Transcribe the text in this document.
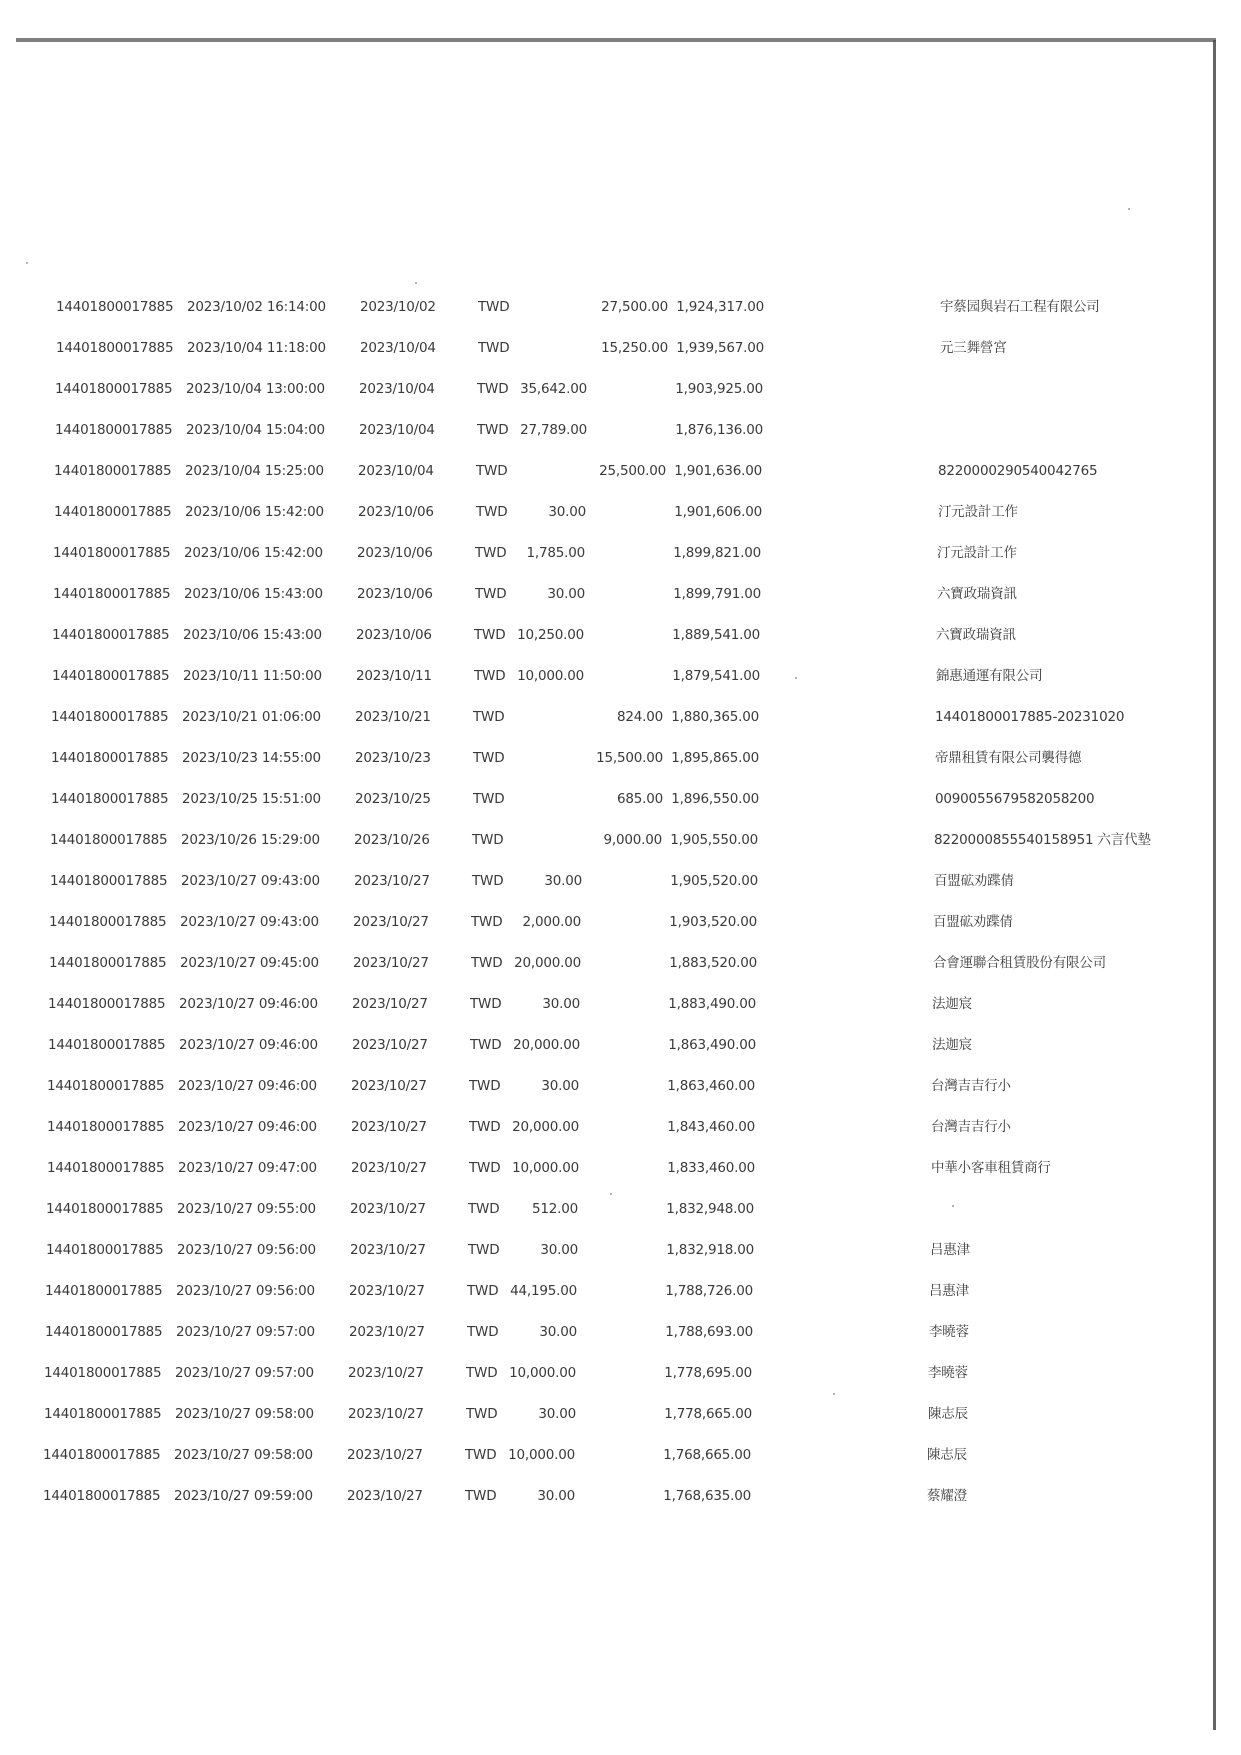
14401800017885 2023/10/02 16:14:00	2023/10/02	TWD	27,500.00 1,924,317.00	宇蔡园與岩石工程有限公司
14401800017885 2023/10/04 11:18:00	2023/10/04	TWD	15,250.00 1,939,567.00	元三舞營宮
14401800017885 2023/10/04 13:00:00	2023/10/04	TWD 35,642.00	1,903,925.00
14401800017885 2023/10/04 15:04:00	2023/10/04	TWD 27,789.00	1,876,136.00
14401800017885 2023/10/04 15:25:00	2023/10/04	TWD	25,500.00 1,901,636.00	8220000290540042765
14401800017885 2023/10/06 15:42:00	2023/10/06	TWD	30.00	1,901,606.00	汀元設計工作
14401800017885 2023/10/06 15:42:00	2023/10/06	TWD	1,785.00	1,899,821.00	汀元設計工作
14401800017885 2023/10/06 15:43:00	2023/10/06	TWD	30.00	1,899,791.00	六寶政瑞資訊
14401800017885 2023/10/06 15:43:00	2023/10/06	TWD 10,250.00	1,889,541.00	六寶政瑞資訊
14401800017885 2023/10/11 11:50:00	2023/10/11	TWD 10,000.00	1,879,541.00	錦惠通運有限公司
14401800017885 2023/10/21 01:06:00	2023/10/21	TWD	824.00 1,880,365.00	14401800017885-20231020
14401800017885 2023/10/23 14:55:00	2023/10/23	TWD	15,500.00 1,895,865.00	帝鼎租賃有限公司襲得德
14401800017885 2023/10/25 15:51:00	2023/10/25	TWD	685.00 1,896,550.00	0090055679582058200
14401800017885 2023/10/26 15:29:00	2023/10/26	TWD	9,000.00 1,905,550.00	8220000855540158951 六言代墊
14401800017885 2023/10/27 09:43:00	2023/10/27	TWD	30.00	1,905,520.00	百盟砿劝蹀倩
14401800017885 2023/10/27 09:43:00	2023/10/27	TWD	2,000.00	1,903,520.00	百盟砿劝蹀倩
14401800017885 2023/10/27 09:45:00	2023/10/27	TWD 20,000.00	1,883,520.00	合會運聯合租賃股份有限公司
14401800017885 2023/10/27 09:46:00	2023/10/27	TWD	30.00	1,883,490.00	法迦宸
14401800017885 2023/10/27 09:46:00	2023/10/27	TWD 20,000.00	1,863,490.00	法迦宸
14401800017885 2023/10/27 09:46:00	2023/10/27	TWD	30.00	1,863,460.00	台灣吉吉行小
14401800017885 2023/10/27 09:46:00	2023/10/27	TWD 20,000.00	1,843,460.00	台灣吉吉行小
14401800017885 2023/10/27 09:47:00	2023/10/27	TWD 10,000.00	1,833,460.00	中華小客車租賃商行
14401800017885 2023/10/27 09:55:00	2023/10/27	TWD	512.00	1,832,948.00
14401800017885 2023/10/27 09:56:00	2023/10/27	TWD	30.00	1,832,918.00	吕惠津
14401800017885 2023/10/27 09:56:00	2023/10/27	TWD 44,195.00	1,788,726.00	吕惠津
14401800017885 2023/10/27 09:57:00	2023/10/27	TWD	30.00	1,788,693.00	李曉蓉
14401800017885 2023/10/27 09:57:00	2023/10/27	TWD 10,000.00	1,778,695.00	李曉蓉
14401800017885 2023/10/27 09:58:00	2023/10/27	TWD	30.00	1,778,665.00	陳志辰
14401800017885 2023/10/27 09:58:00	2023/10/27	TWD 10,000.00	1,768,665.00	陳志辰
14401800017885 2023/10/27 09:59:00	2023/10/27	TWD	30.00	1,768,635.00	蔡耀澄
